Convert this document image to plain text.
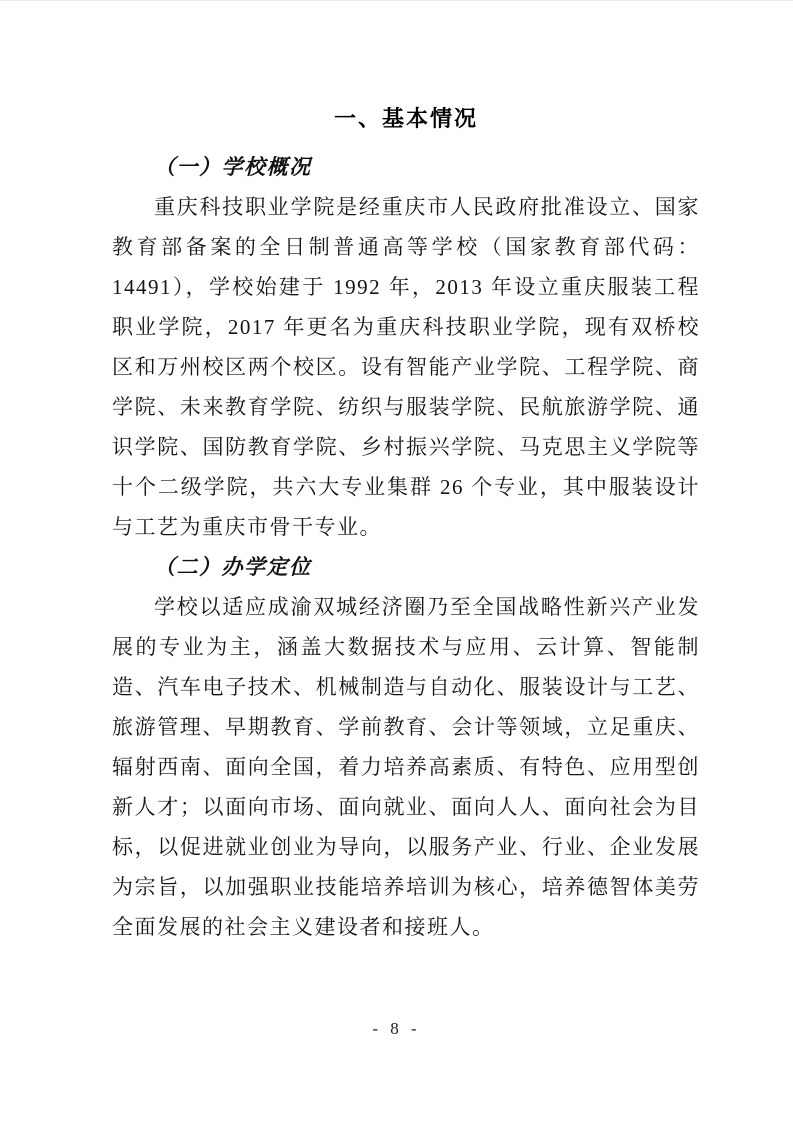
一、基本情况
（一）学校概况

重庆科技职业学院是经重庆市人民政府批准设立、国家教育部备案的全日制普通高等学校（国家教育部代码：14491），学校始建于 1992 年，2013 年设立重庆服装工程职业学院，2017 年更名为重庆科技职业学院，现有双桥校区和万州校区两个校区。设有智能产业学院、工程学院、商学院、未来教育学院、纺织与服装学院、民航旅游学院、通识学院、国防教育学院、乡村振兴学院、马克思主义学院等十个二级学院，共六大专业集群 26 个专业，其中服装设计与工艺为重庆市骨干专业。

（二）办学定位

学校以适应成渝双城经济圈乃至全国战略性新兴产业发展的专业为主，涵盖大数据技术与应用、云计算、智能制造、汽车电子技术、机械制造与自动化、服装设计与工艺、旅游管理、早期教育、学前教育、会计等领域，立足重庆、辐射西南、面向全国，着力培养高素质、有特色、应用型创新人才；以面向市场、面向就业、面向人人、面向社会为目标，以促进就业创业为导向，以服务产业、行业、企业发展为宗旨，以加强职业技能培养培训为核心，培养德智体美劳全面发展的社会主义建设者和接班人。

- 8 -
